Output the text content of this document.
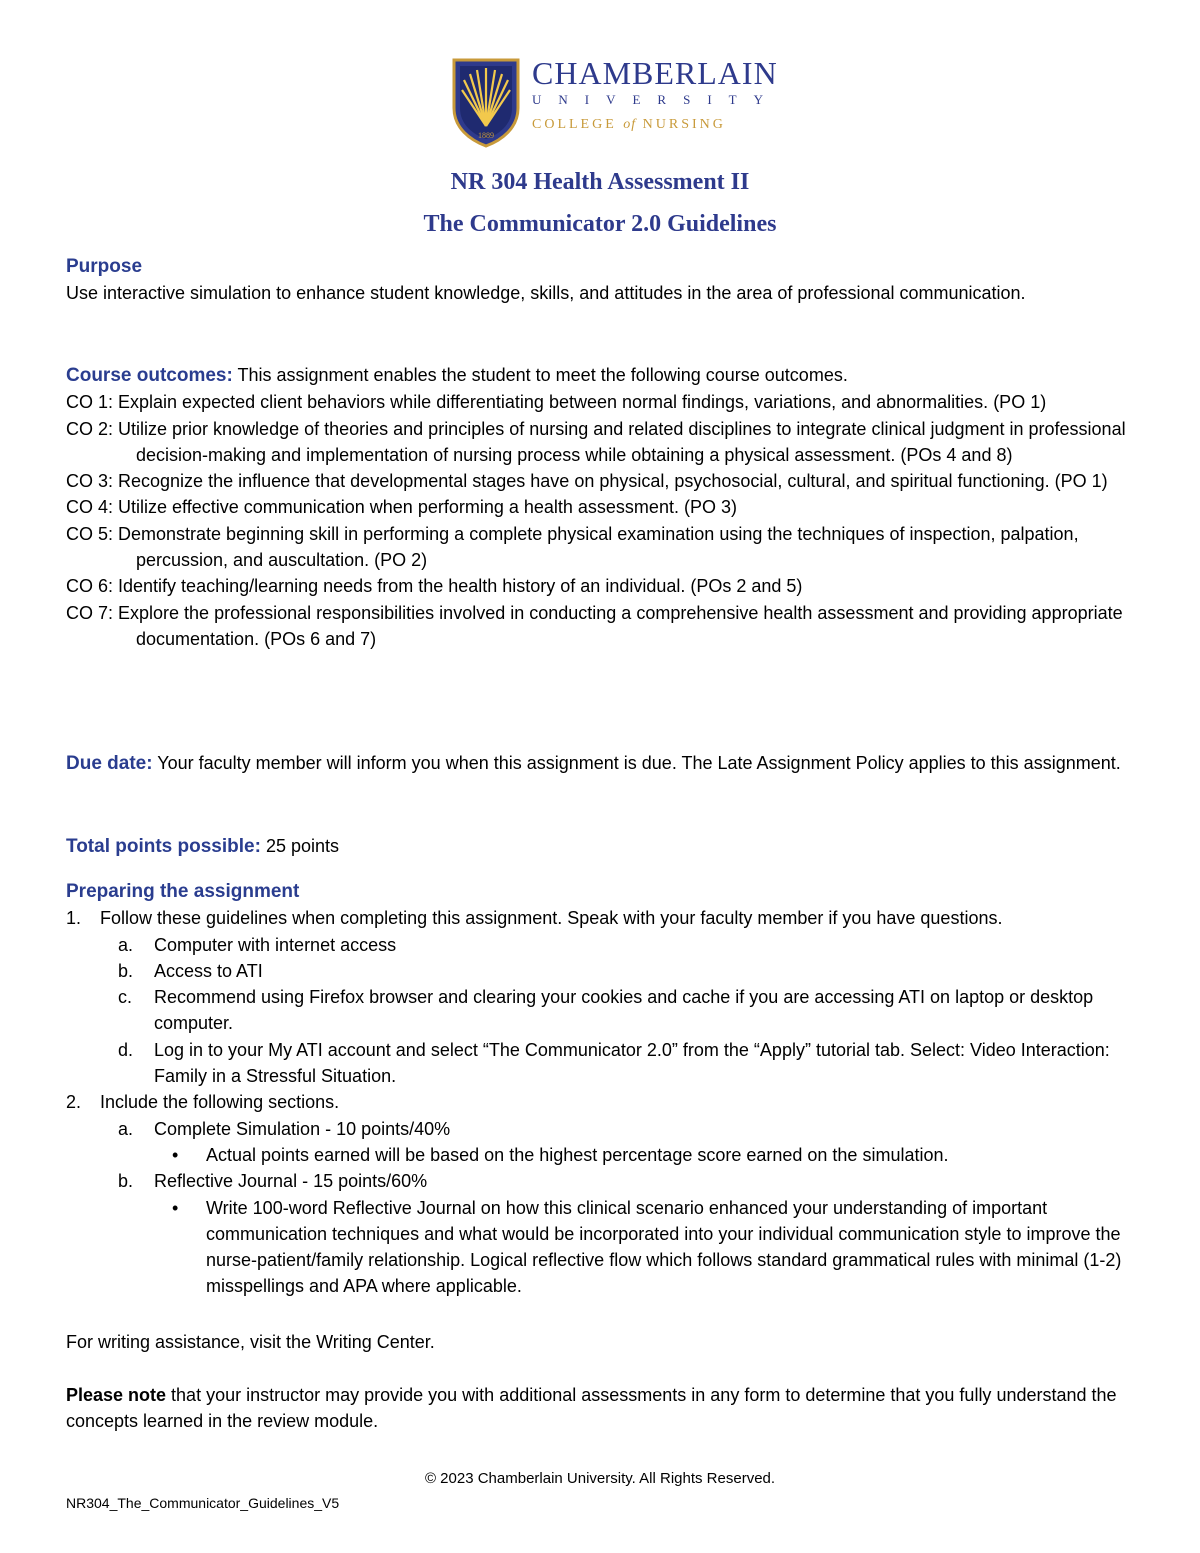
1889
CHAMBERLAIN
UNIVERSITY
COLLEGE of NURSING
NR 304 Health Assessment II
The Communicator 2.0 Guidelines
Purpose
Use interactive simulation to enhance student knowledge, skills, and attitudes in the area of professional communication.
Course outcomes: This assignment enables the student to meet the following course outcomes.
CO 1: Explain expected client behaviors while differentiating between normal findings, variations, and abnormalities. (PO 1)
CO 2: Utilize prior knowledge of theories and principles of nursing and related disciplines to integrate clinical judgment in professional decision-making and implementation of nursing process while obtaining a physical assessment. (POs 4 and 8)
CO 3: Recognize the influence that developmental stages have on physical, psychosocial, cultural, and spiritual functioning. (PO 1)
CO 4: Utilize effective communication when performing a health assessment. (PO 3)
CO 5: Demonstrate beginning skill in performing a complete physical examination using the techniques of inspection, palpation, percussion, and auscultation. (PO 2)
CO 6: Identify teaching/learning needs from the health history of an individual. (POs 2 and 5)
CO 7: Explore the professional responsibilities involved in conducting a comprehensive health assessment and providing appropriate documentation. (POs 6 and 7)
Due date: Your faculty member will inform you when this assignment is due. The Late Assignment Policy applies to this assignment.
Total points possible: 25 points
Preparing the assignment
1. Follow these guidelines when completing this assignment. Speak with your faculty member if you have questions.
a. Computer with internet access
b. Access to ATI
c. Recommend using Firefox browser and clearing your cookies and cache if you are accessing ATI on laptop or desktop computer.
d. Log in to your My ATI account and select “The Communicator 2.0” from the “Apply” tutorial tab. Select: Video Interaction: Family in a Stressful Situation.
2. Include the following sections.
a. Complete Simulation - 10 points/40%
• Actual points earned will be based on the highest percentage score earned on the simulation.
b. Reflective Journal - 15 points/60%
• Write 100-word Reflective Journal on how this clinical scenario enhanced your understanding of important communication techniques and what would be incorporated into your individual communication style to improve the nurse-patient/family relationship. Logical reflective flow which follows standard grammatical rules with minimal (1-2) misspellings and APA where applicable.
For writing assistance, visit the Writing Center.
Please note that your instructor may provide you with additional assessments in any form to determine that you fully understand the concepts learned in the review module.
© 2023 Chamberlain University. All Rights Reserved.
NR304_The_Communicator_Guidelines_V5
